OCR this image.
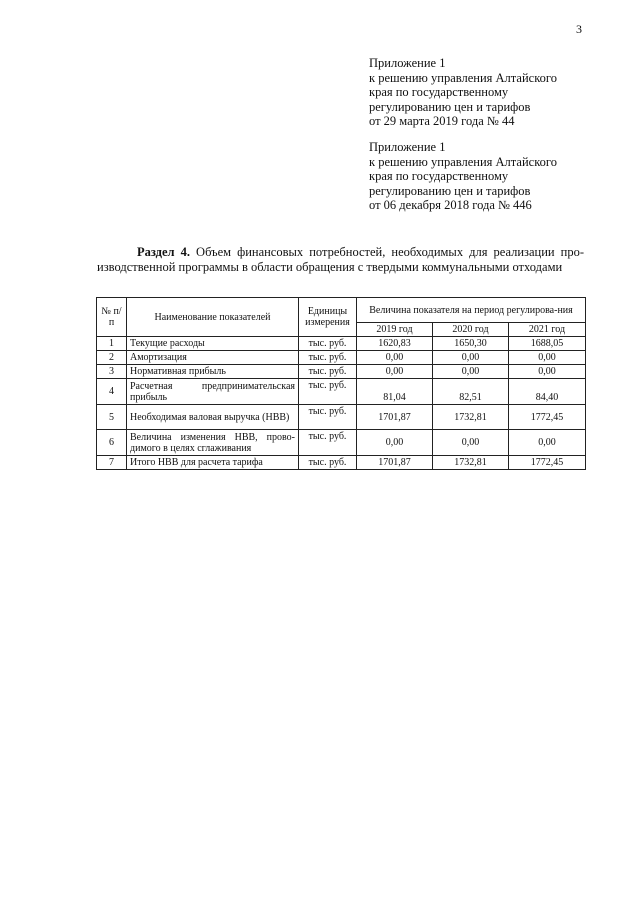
3
Приложение 1
к решению управления Алтайского
края по государственному
регулированию цен и тарифов
от 29 марта 2019 года № 44
Приложение 1
к решению управления Алтайского
края по государственному
регулированию цен и тарифов
от 06 декабря 2018 года № 446
Раздел 4. Объем финансовых потребностей, необходимых для реализации про-
изводственной программы в области обращения с твердыми коммунальными отходами
№ п/п	Наименование показателей	Единицы измерения	Величина показателя на период регулирова-ния		
			2019 год	2020 год	2021 год
1	Текущие расходы	тыс. руб.	1620,83	1650,30	1688,05
2	Амортизация	тыс. руб.	0,00	0,00	0,00
3	Нормативная прибыль	тыс. руб.	0,00	0,00	0,00
4	Расчетная предпринимательская прибыль	тыс. руб.	81,04	82,51	84,40
5	Необходимая валовая выручка (НВВ)	тыс. руб.	1701,87	1732,81	1772,45
6	Величина изменения НВВ, прово-димого в целях сглаживания	тыс. руб.	0,00	0,00	0,00
7	Итого НВВ для расчета тарифа	тыс. руб.	1701,87	1732,81	1772,45
